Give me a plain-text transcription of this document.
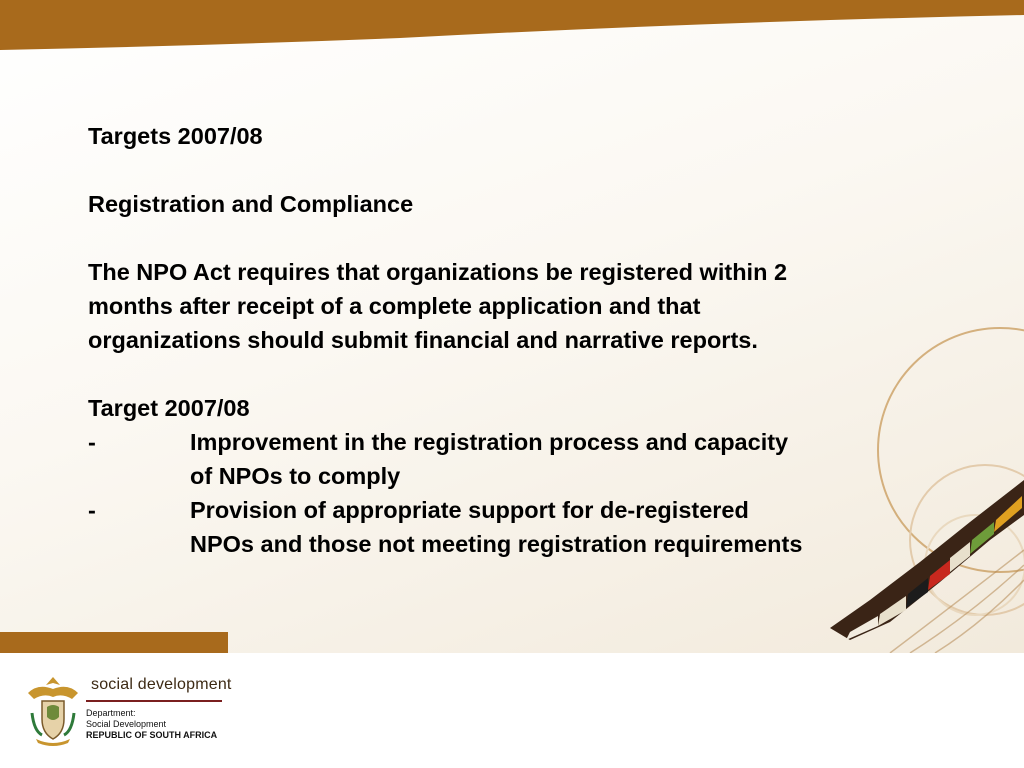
Targets 2007/08
Registration and Compliance
The NPO Act requires that organizations be registered within 2
months after receipt of a complete application and that
organizations should submit financial and narrative reports.
Target 2007/08
-	Improvement in the registration process and capacity
of NPOs to comply
-	Provision of appropriate support for de-registered
NPOs and those not meeting registration requirements
social development
Department:
Social Development
REPUBLIC OF SOUTH AFRICA
